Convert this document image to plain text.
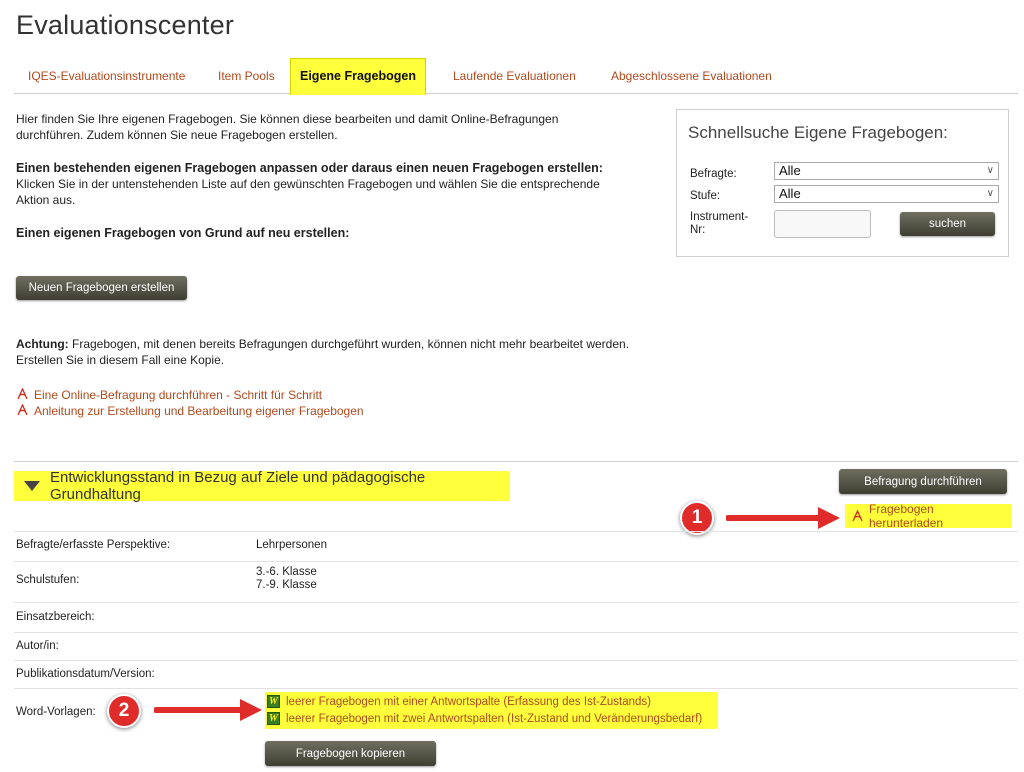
Evaluationscenter
IQES-Evaluationsinstrumente	Item Pools	Eigene Fragebogen	Laufende Evaluationen	Abgeschlossene Evaluationen

Hier finden Sie Ihre eigenen Fragebogen. Sie können diese bearbeiten und damit Online-Befragungen durchführen. Zudem können Sie neue Fragebogen erstellen.

Einen bestehenden eigenen Fragebogen anpassen oder daraus einen neuen Fragebogen erstellen:

Klicken Sie in der untenstehenden Liste auf den gewünschten Fragebogen und wählen Sie die entsprechende Aktion aus.

Einen eigenen Fragebogen von Grund auf neu erstellen:

Neuen Fragebogen erstellen
Achtung: Fragebogen, mit denen bereits Befragungen durchgeführt wurden, können nicht mehr bearbeitet werden. Erstellen Sie in diesem Fall eine Kopie.
Eine Online-Befragung durchführen - Schritt für Schritt
Anleitung zur Erstellung und Bearbeitung eigener Fragebogen
Schnellsuche Eigene Fragebogen:
Befragte:	Alle	∨
Stufe:	Alle	∨
Instrument-
Nr:	suchen
Entwicklungsstand in Bezug auf Ziele und pädagogische Grundhaltung
Befragung durchführen
Fragebogen herunterladen
1
Befragte/erfasste Perspektive:	Lehrpersonen
Schulstufen:
3.-6. Klasse
7.-9. Klasse
Einsatzbereich:
Autor/in:
Publikationsdatum/Version:
Word-Vorlagen:
W leerer Fragebogen mit einer Antwortspalte (Erfassung des Ist-Zustands)
W leerer Fragebogen mit zwei Antwortspalten (Ist-Zustand und Veränderungsbedarf)
2
Fragebogen kopieren
